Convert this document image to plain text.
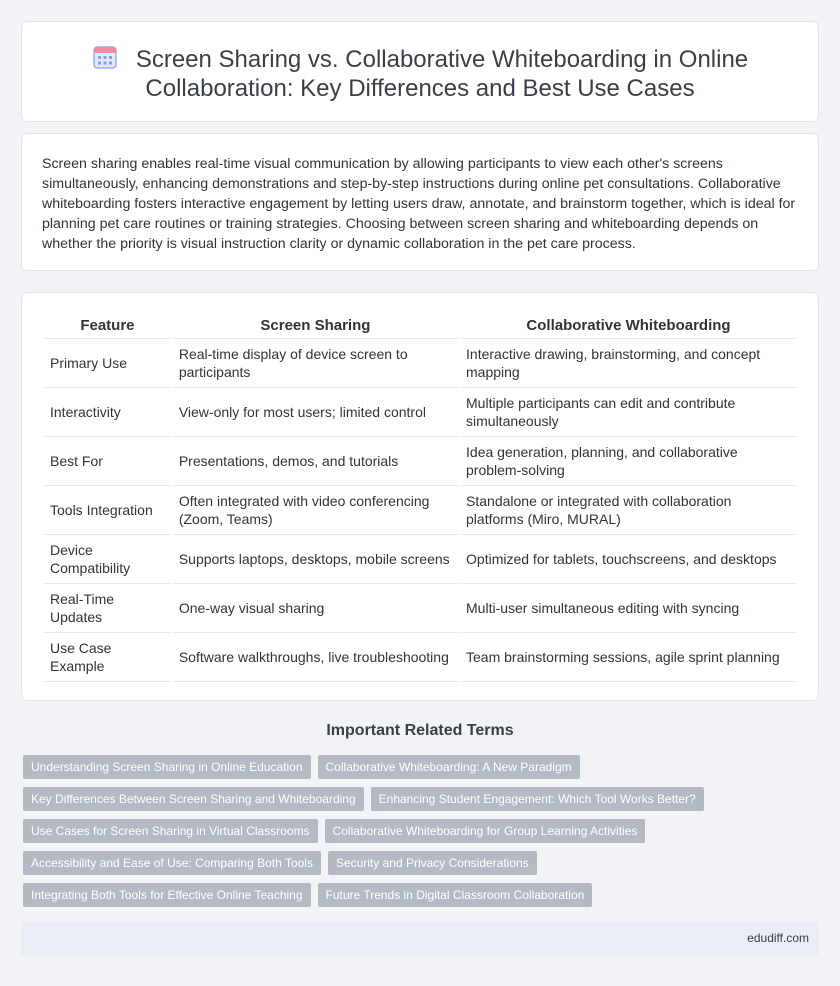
Screen Sharing vs. Collaborative Whiteboarding in Online Collaboration: Key Differences and Best Use Cases

Screen sharing enables real-time visual communication by allowing participants to view each other's screens simultaneously, enhancing demonstrations and step-by-step instructions during online pet consultations. Collaborative whiteboarding fosters interactive engagement by letting users draw, annotate, and brainstorm together, which is ideal for planning pet care routines or training strategies. Choosing between screen sharing and whiteboarding depends on whether the priority is visual instruction clarity or dynamic collaboration in the pet care process.

Feature	Screen Sharing	Collaborative Whiteboarding
Primary Use	Real-time display of device screen to participants	Interactive drawing, brainstorming, and concept mapping
Interactivity	View-only for most users; limited control	Multiple participants can edit and contribute simultaneously
Best For	Presentations, demos, and tutorials	Idea generation, planning, and collaborative problem-solving
Tools Integration	Often integrated with video conferencing (Zoom, Teams)	Standalone or integrated with collaboration platforms (Miro, MURAL)
Device Compatibility	Supports laptops, desktops, mobile screens	Optimized for tablets, touchscreens, and desktops
Real-Time Updates	One-way visual sharing	Multi-user simultaneous editing with syncing
Use Case Example	Software walkthroughs, live troubleshooting	Team brainstorming sessions, agile sprint planning
Important Related Terms
Understanding Screen Sharing in Online Education	Collaborative Whiteboarding: A New Paradigm
Key Differences Between Screen Sharing and Whiteboarding	Enhancing Student Engagement: Which Tool Works Better?
Use Cases for Screen Sharing in Virtual Classrooms	Collaborative Whiteboarding for Group Learning Activities
Accessibility and Ease of Use: Comparing Both Tools	Security and Privacy Considerations
Integrating Both Tools for Effective Online Teaching	Future Trends in Digital Classroom Collaboration
edudiff.com
